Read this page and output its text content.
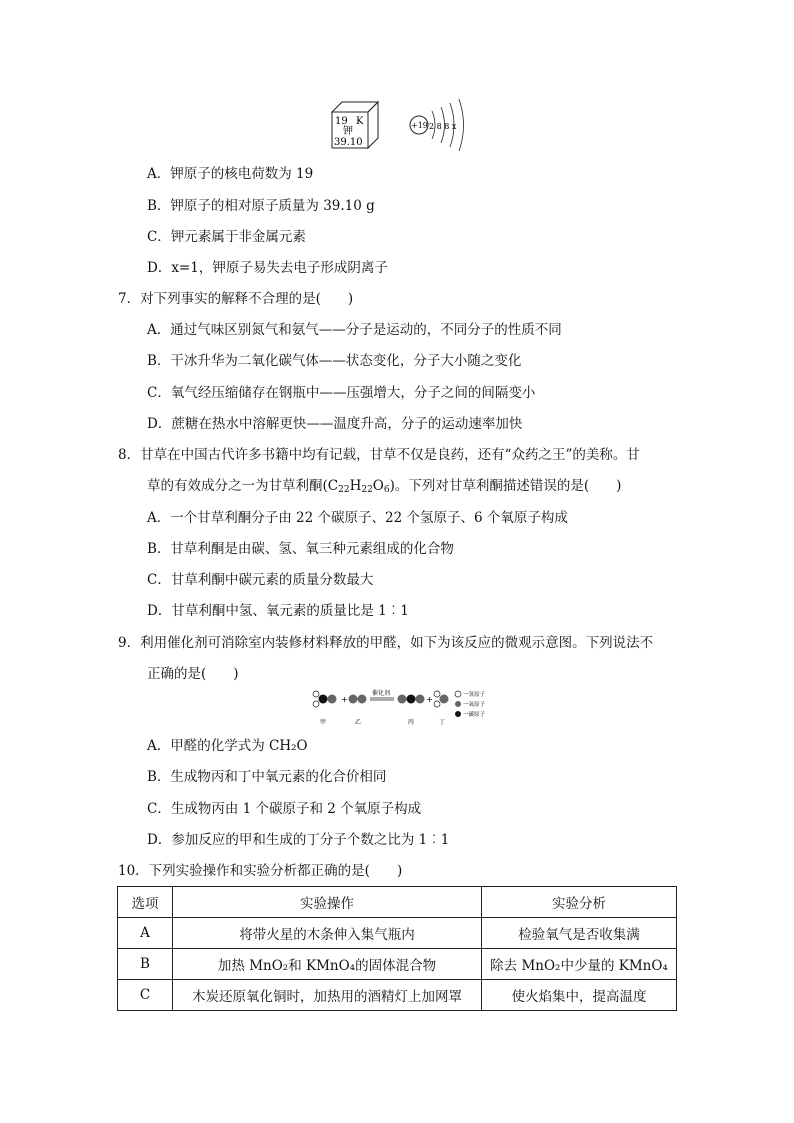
19 K
钾
39.10
+19 2 8 8 x
A．钾原子的核电荷数为 19
B．钾原子的相对原子质量为 39.10 g
C．钾元素属于非金属元素
D．x=1，钾原子易失去电子形成阴离子
7．对下列事实的解释不合理的是(　　)
A．通过气味区别氮气和氨气——分子是运动的，不同分子的性质不同
B．干冰升华为二氧化碳气体——状态变化，分子大小随之变化
C．氧气经压缩储存在钢瓶中——压强增大，分子之间的间隔变小
D．蔗糖在热水中溶解更快——温度升高，分子的运动速率加快
8．甘草在中国古代许多书籍中均有记载，甘草不仅是良药，还有“众药之王”的美称。甘
草的有效成分之一为甘草利酮$(C_{22}H_{22}O_6)$。下列对甘草利酮描述错误的是(　　)
A．一个甘草利酮分子由 22 个碳原子、22 个氢原子、6 个氧原子构成
B．甘草利酮是由碳、氢、氧三种元素组成的化合物
C．甘草利酮中碳元素的质量分数最大
D．甘草利酮中氢、氧元素的质量比是 1︰1
9．利用催化剂可消除室内装修材料释放的甲醛，如下为该反应的微观示意图。下列说法不
正确的是(　　)
+
催化剂
+	一氢原子
一氧原子
一碳原子
甲	乙	丙	丁
A．甲醛的化学式为 CH₂O
B．生成物丙和丁中氧元素的化合价相同
C．生成物丙由 1 个碳原子和 2 个氧原子构成
D．参加反应的甲和生成的丁分子个数之比为 1︰1
10．下列实验操作和实验分析都正确的是(　　)
选项	实验操作	实验分析
A	将带火星的木条伸入集气瓶内	检验氧气是否收集满
B	加热 MnO₂和 KMnO₄的固体混合物	除去 MnO₂中少量的 KMnO₄
C	木炭还原氧化铜时，加热用的酒精灯上加网罩	使火焰集中，提高温度
